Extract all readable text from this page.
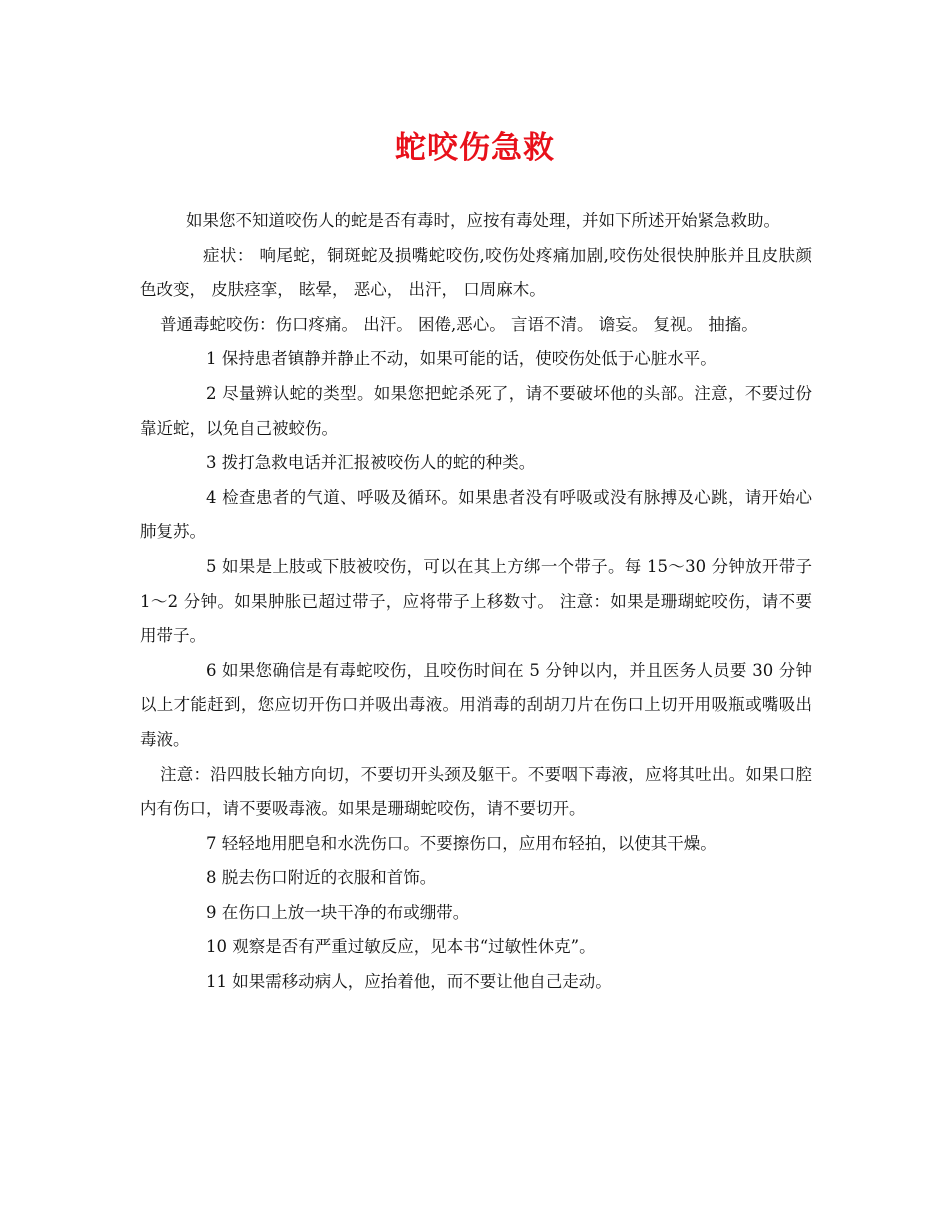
蛇咬伤急救

如果您不知道咬伤人的蛇是否有毒时，应按有毒处理，并如下所述开始紧急救助。

症状： 响尾蛇，铜斑蛇及损嘴蛇咬伤,咬伤处疼痛加剧,咬伤处很快肿胀并且皮肤颜色改变， 皮肤痉挛， 眩晕， 恶心， 出汗， 口周麻木。

普通毒蛇咬伤：伤口疼痛。 出汗。 困倦,恶心。 言语不清。 谵妄。 复视。 抽搐。

1 保持患者镇静并静止不动，如果可能的话，使咬伤处低于心脏水平。

2 尽量辨认蛇的类型。如果您把蛇杀死了，请不要破坏他的头部。注意，不要过份靠近蛇，以免自己被蛟伤。

3 拨打急救电话并汇报被咬伤人的蛇的种类。

4 检查患者的气道、呼吸及循环。如果患者没有呼吸或没有脉搏及心跳，请开始心肺复苏。

5 如果是上肢或下肢被咬伤，可以在其上方绑一个带子。每 15～30 分钟放开带子 1～2 分钟。如果肿胀已超过带子，应将带子上移数寸。 注意：如果是珊瑚蛇咬伤，请不要用带子。

6 如果您确信是有毒蛇咬伤，且咬伤时间在 5 分钟以内，并且医务人员要 30 分钟以上才能赶到，您应切开伤口并吸出毒液。用消毒的刮胡刀片在伤口上切开用吸瓶或嘴吸出毒液。

注意：沿四肢长轴方向切，不要切开头颈及躯干。不要咽下毒液，应将其吐出。如果口腔内有伤口，请不要吸毒液。如果是珊瑚蛇咬伤，请不要切开。

7 轻轻地用肥皂和水洗伤口。不要擦伤口，应用布轻拍，以使其干燥。

8 脱去伤口附近的衣服和首饰。

9 在伤口上放一块干净的布或绷带。

10 观察是否有严重过敏反应，见本书“过敏性休克”。

11 如果需移动病人，应抬着他，而不要让他自己走动。
